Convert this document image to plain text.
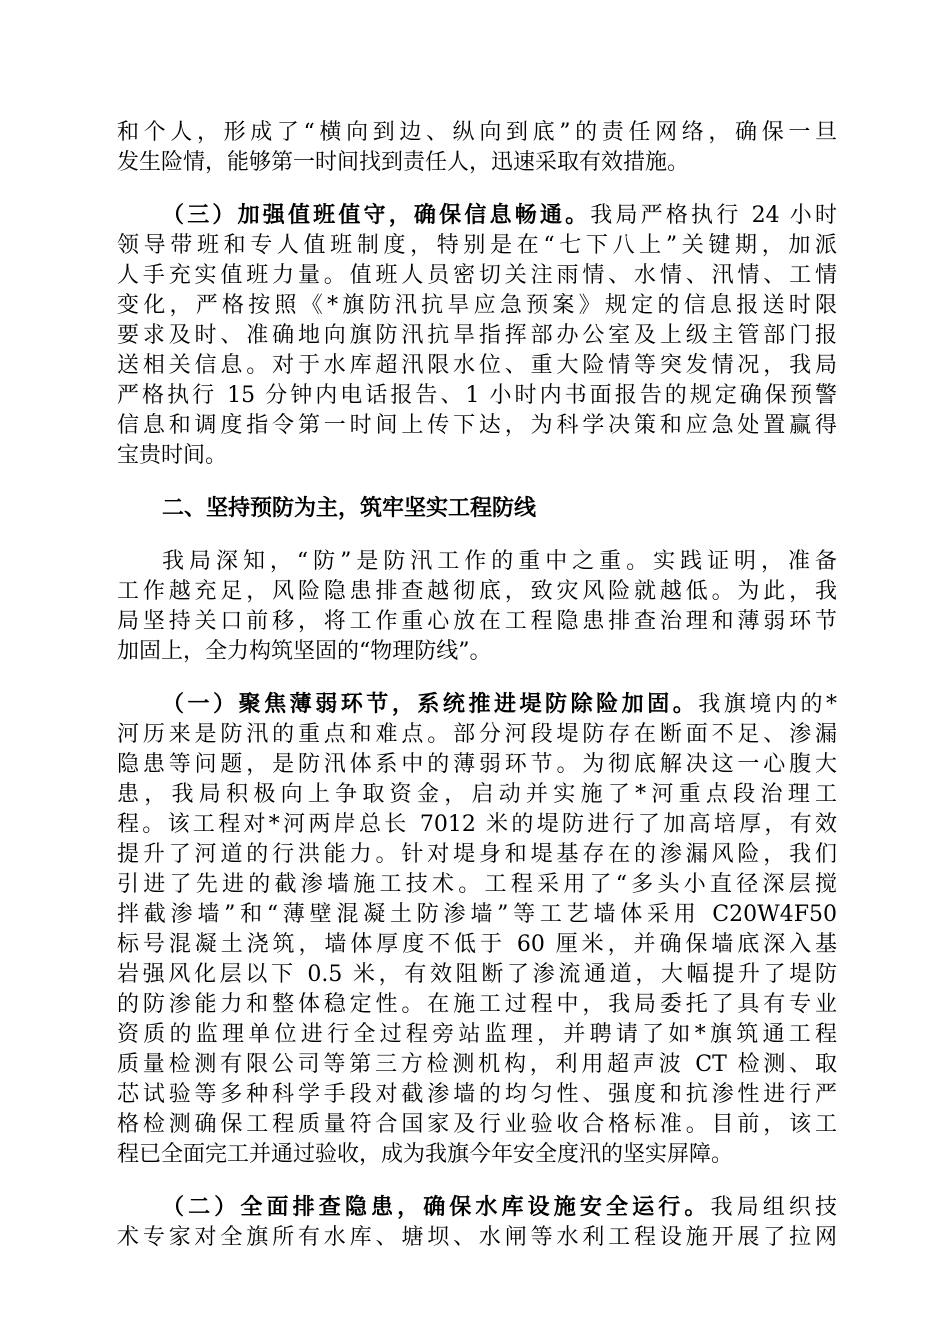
和个人，形成了“横向到边、纵向到底”的责任网络，确保一旦
发生险情，能够第一时间找到责任人，迅速采取有效措施。
（三）加强值班值守，确保信息畅通。我局严格执行 24 小时
领导带班和专人值班制度，特别是在“七下八上”关键期，加派
人手充实值班力量。值班人员密切关注雨情、水情、汛情、工情
变化，严格按照《*旗防汛抗旱应急预案》规定的信息报送时限
要求及时、准确地向旗防汛抗旱指挥部办公室及上级主管部门报
送相关信息。对于水库超汛限水位、重大险情等突发情况，我局
严格执行 15 分钟内电话报告、1 小时内书面报告的规定确保预警
信息和调度指令第一时间上传下达，为科学决策和应急处置赢得
宝贵时间。
二、坚持预防为主，筑牢坚实工程防线
我局深知，“防”是防汛工作的重中之重。实践证明，准备
工作越充足，风险隐患排查越彻底，致灾风险就越低。为此，我
局坚持关口前移，将工作重心放在工程隐患排查治理和薄弱环节
加固上，全力构筑坚固的“物理防线”。
（一）聚焦薄弱环节，系统推进堤防除险加固。我旗境内的*
河历来是防汛的重点和难点。部分河段堤防存在断面不足、渗漏
隐患等问题，是防汛体系中的薄弱环节。为彻底解决这一心腹大
患，我局积极向上争取资金，启动并实施了*河重点段治理工
程。该工程对*河两岸总长 7012 米的堤防进行了加高培厚，有效
提升了河道的行洪能力。针对堤身和堤基存在的渗漏风险，我们
引进了先进的截渗墙施工技术。工程采用了“多头小直径深层搅
拌截渗墙”和“薄壁混凝土防渗墙”等工艺墙体采用 C20W4F50
标号混凝土浇筑，墙体厚度不低于 60 厘米，并确保墙底深入基
岩强风化层以下 0.5 米，有效阻断了渗流通道，大幅提升了堤防
的防渗能力和整体稳定性。在施工过程中，我局委托了具有专业
资质的监理单位进行全过程旁站监理，并聘请了如*旗筑通工程
质量检测有限公司等第三方检测机构，利用超声波 CT 检测、取
芯试验等多种科学手段对截渗墙的均匀性、强度和抗渗性进行严
格检测确保工程质量符合国家及行业验收合格标准。目前，该工
程已全面完工并通过验收，成为我旗今年安全度汛的坚实屏障。
（二）全面排查隐患，确保水库设施安全运行。我局组织技
术专家对全旗所有水库、塘坝、水闸等水利工程设施开展了拉网
